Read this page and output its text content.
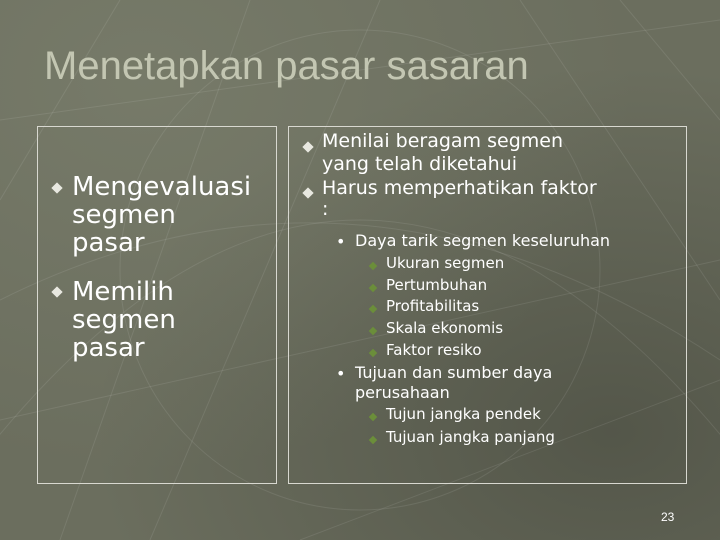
Menetapkan pasar sasaran
Mengevaluasi
segmen
pasar
Memilih
segmen
pasar
Menilai beragam segmen
yang telah diketahui
Harus memperhatikan faktor
:
• Daya tarik segmen keseluruhan
Ukuran segmen
Pertumbuhan
Profitabilitas
Skala ekonomis
Faktor resiko
• Tujuan dan sumber daya
perusahaan
Tujun jangka pendek
Tujuan jangka panjang
23
